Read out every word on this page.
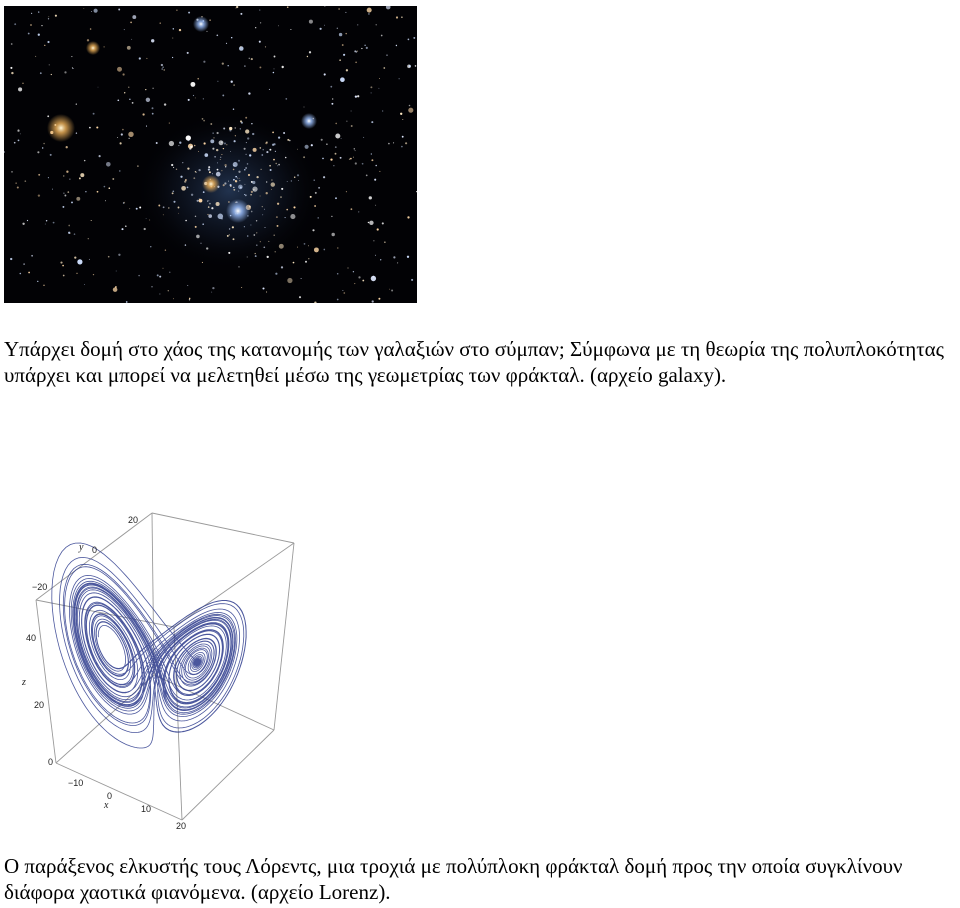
Υπάρχει δομή στο χάος της κατανομής των γαλαξιών στο σύμπαν; Σύμφωνα με τη θεωρία της πολυπλοκότητας υπάρχει και μπορεί να μελετηθεί μέσω της γεωμετρίας των φράκταλ. (αρχείο galaxy).

20
0
−20
y
40
20
0
z
−10
0
10
20
x

Ο παράξενος ελκυστής τους Λόρεντς, μια τροχιά με πολύπλοκη φράκταλ δομή προς την οποία συγκλίνουν διάφορα χαοτικά φιανόμενα. (αρχείο Lorenz).
